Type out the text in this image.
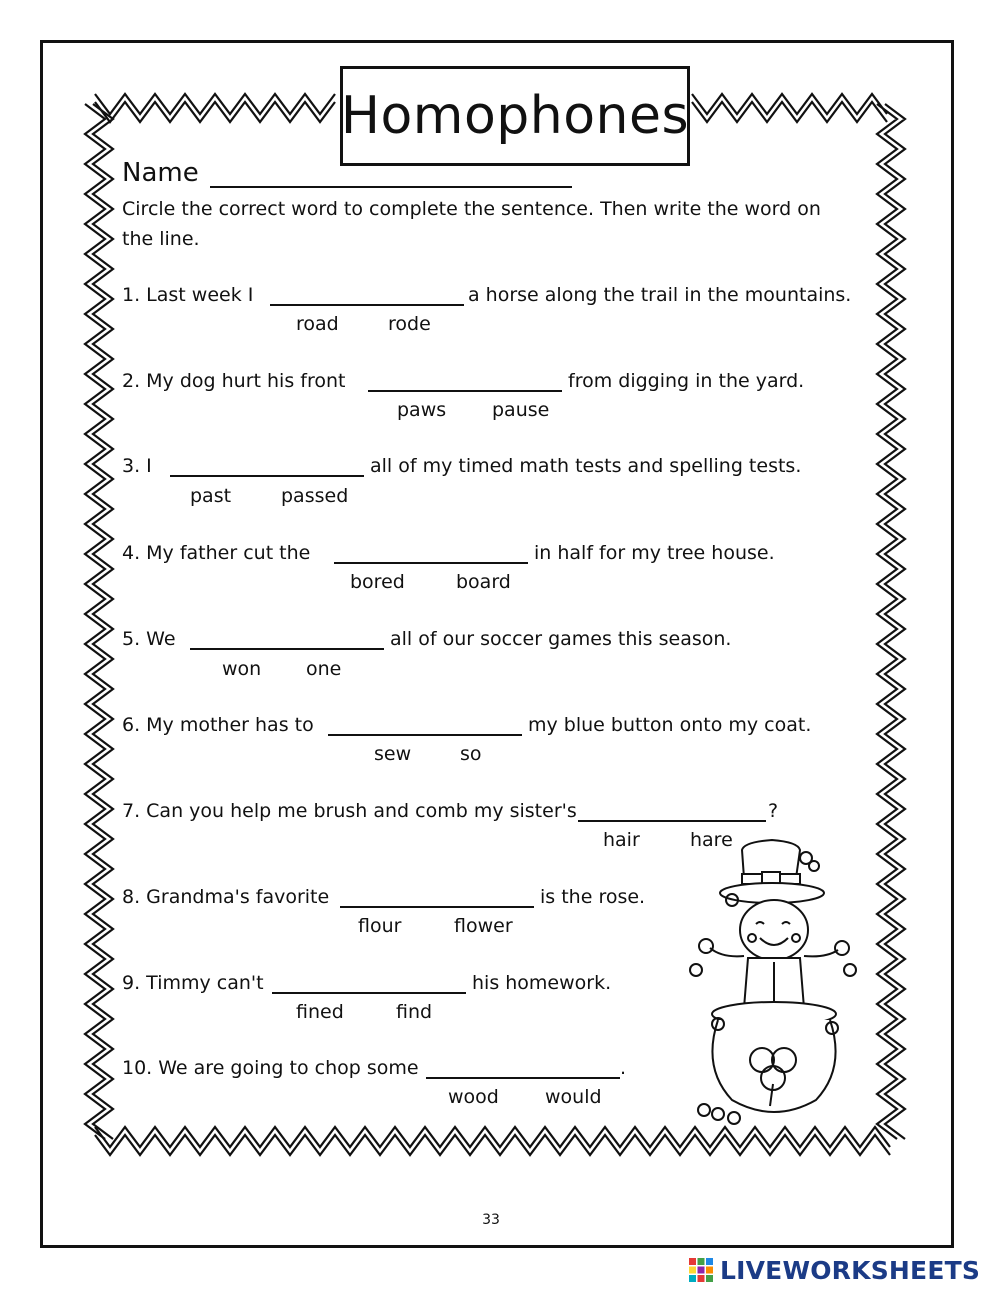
Homophones
Name
Circle the correct word to complete the sentence. Then write the word on
the line.
1. Last week I	a horse along the trail in the mountains.
road	rode
2. My dog hurt his front	from digging in the yard.
paws pause
3. I	all of my timed math tests and spelling tests.
past	passed
4. My father cut the	in half for my tree house.
bored	board
5. We	all of our soccer games this season.
won one
6. My mother has to	my blue button onto my coat.
sew	so
7. Can you help me brush and comb my sister's	?
hair	hare
8. Grandma's favorite	is the rose.
flour	flower
9. Timmy can't	his homework.
fined	find
10. We are going to chop some	.
wood would
33
LIVEWORKSHEETS
